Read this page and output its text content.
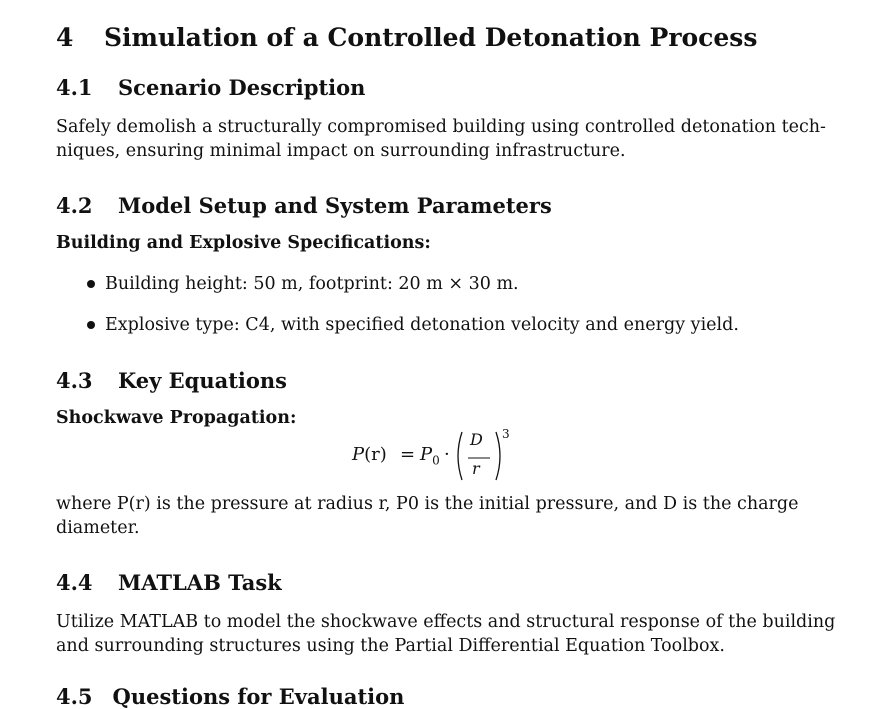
4 Simulation of a Controlled Detonation Process
4.1 Scenario Description
Safely demolish a structurally compromised building using controlled detonation tech-
niques, ensuring minimal impact on surrounding infrastructure.
4.2 Model Setup and System Parameters
Building and Explosive Specifications:
Building height: 50 m, footprint: 20 m × 30 m.
Explosive type: C4, with specified detonation velocity and energy yield.
4.3 Key Equations
Shockwave Propagation:
$P(r) = P_0$ ·
D
r
3
where P(r) is the pressure at radius r, P0 is the initial pressure, and D is the charge
diameter.
4.4 MATLAB Task
Utilize MATLAB to model the shockwave effects and structural response of the building
and surrounding structures using the Partial Differential Equation Toolbox.
4.5 Questions for Evaluation
